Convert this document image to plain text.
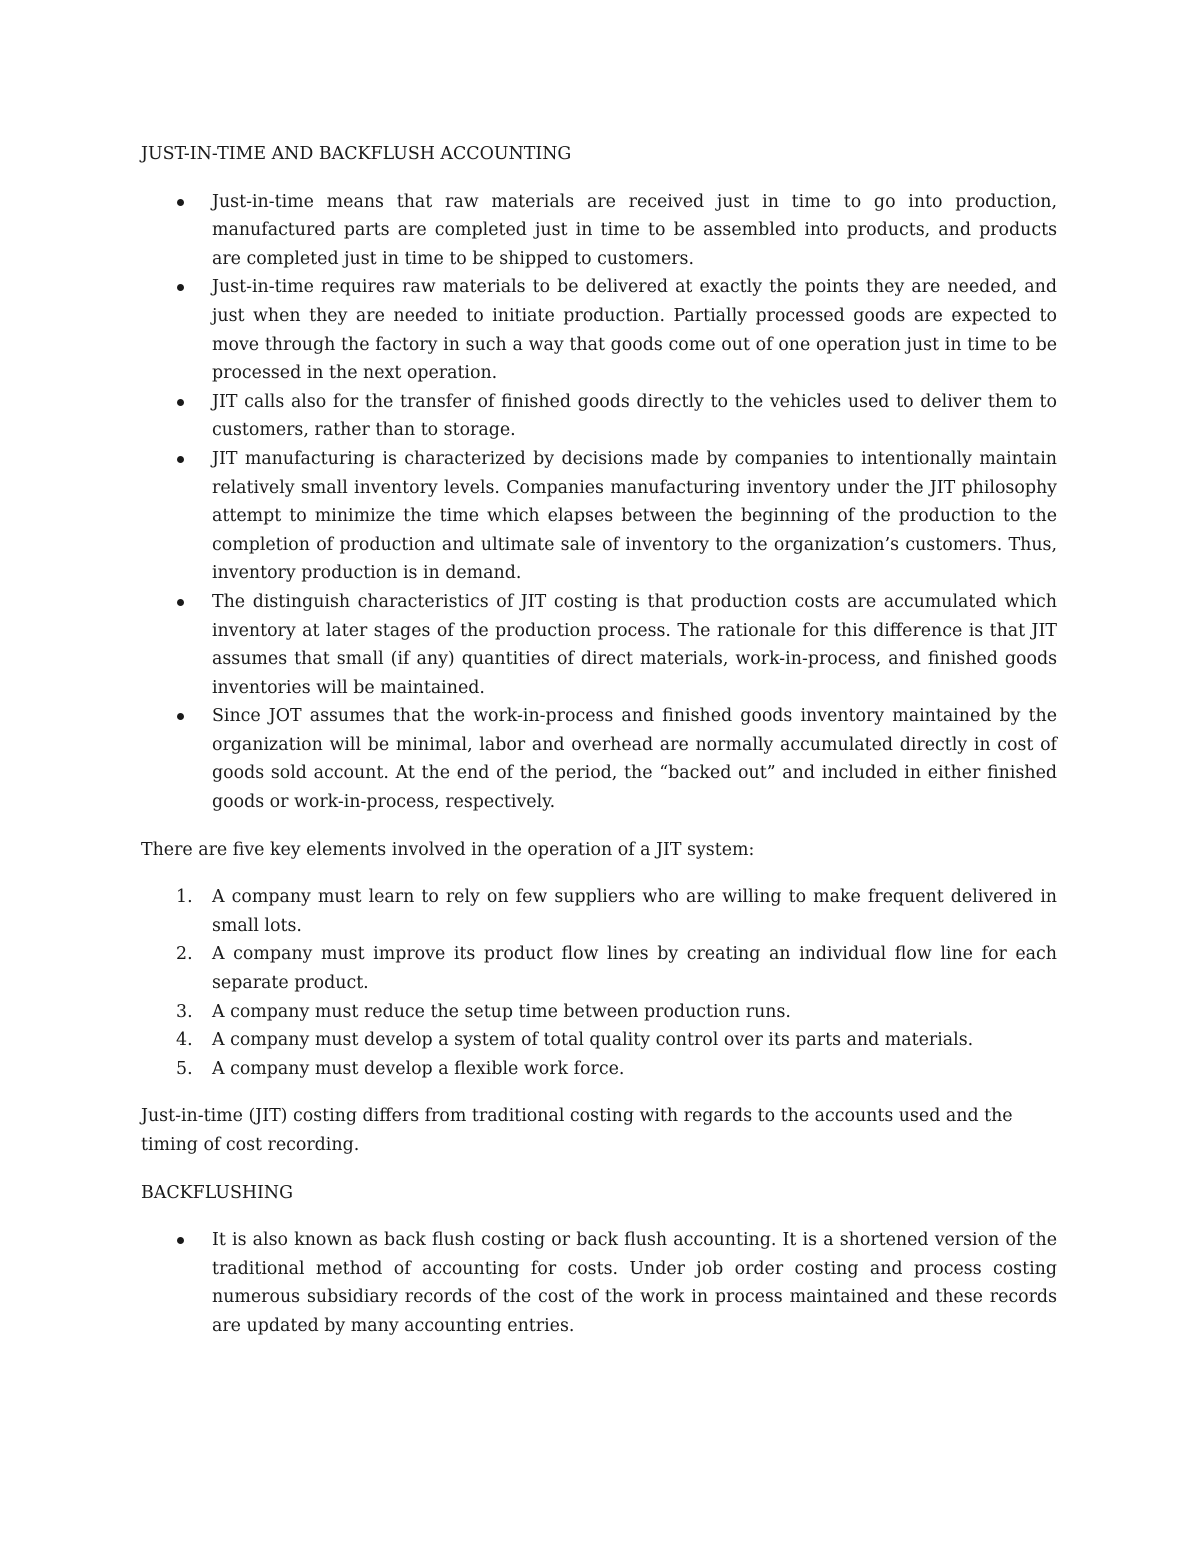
JUST-IN-TIME AND BACKFLUSH ACCOUNTING
Just-in-time means that raw materials are received just in time to go into production, manufactured parts are completed just in time to be assembled into products, and products are completed just in time to be shipped to customers.
Just-in-time requires raw materials to be delivered at exactly the points they are needed, and just when they are needed to initiate production. Partially processed goods are expected to move through the factory in such a way that goods come out of one operation just in time to be processed in the next operation.
JIT calls also for the transfer of finished goods directly to the vehicles used to deliver them to customers, rather than to storage.
JIT manufacturing is characterized by decisions made by companies to intentionally maintain relatively small inventory levels. Companies manufacturing inventory under the JIT philosophy attempt to minimize the time which elapses between the beginning of the production to the completion of production and ultimate sale of inventory to the organization’s customers. Thus, inventory production is in demand.
The distinguish characteristics of JIT costing is that production costs are accumulated which inventory at later stages of the production process. The rationale for this difference is that JIT assumes that small (if any) quantities of direct materials, work-in-process, and finished goods inventories will be maintained.
Since JOT assumes that the work-in-process and finished goods inventory maintained by the organization will be minimal, labor and overhead are normally accumulated directly in cost of goods sold account. At the end of the period, the “backed out” and included in either finished goods or work-in-process, respectively.

There are five key elements involved in the operation of a JIT system:

1. A company must learn to rely on few suppliers who are willing to make frequent delivered in small lots.
2. A company must improve its product flow lines by creating an individual flow line for each separate product.
3. A company must reduce the setup time between production runs.
4. A company must develop a system of total quality control over its parts and materials.
5. A company must develop a flexible work force.

Just-in-time (JIT) costing differs from traditional costing with regards to the accounts used and the timing of cost recording.

BACKFLUSHING
It is also known as back flush costing or back flush accounting. It is a shortened version of the traditional method of accounting for costs. Under job order costing and process costing numerous subsidiary records of the cost of the work in process maintained and these records are updated by many accounting entries.
